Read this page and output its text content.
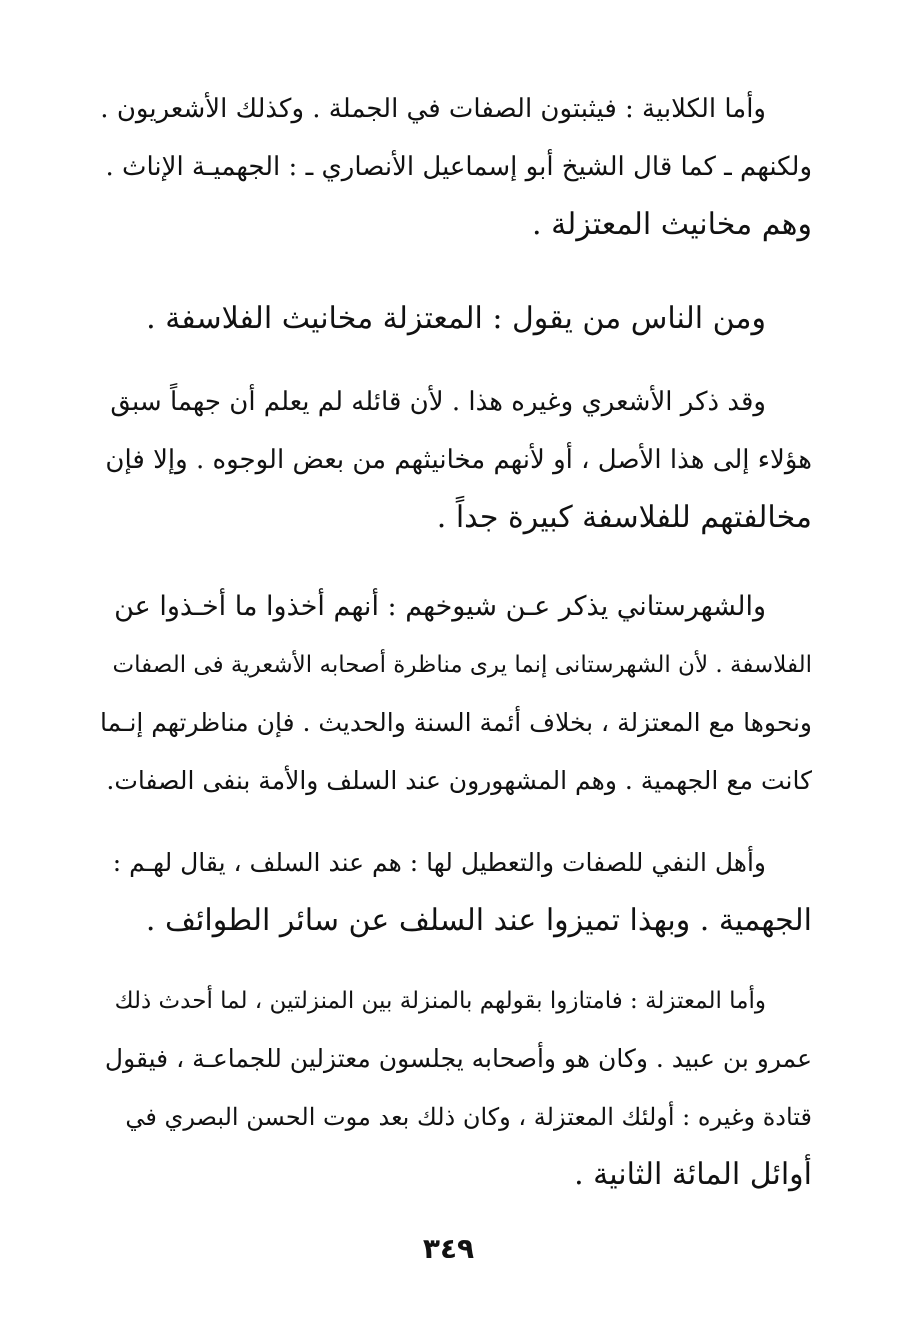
وأما الكلابية : فيثبتون الصفات في الجملة . وكذلك الأشعريون .
ولكنهم ـ كما قال الشيخ أبو إسماعيل الأنصاري ـ : الجهميـة الإناث .
وهم مخانيث المعتزلة .
ومن الناس من يقول : المعتزلة مخانيث الفلاسفة .
وقد ذكر الأشعري وغيره هذا . لأن قائله لم يعلم أن جهماً سبق
هؤلاء إلى هذا الأصل ، أو لأنهم مخانيثهم من بعض الوجوه . وإلا فإن
مخالفتهم للفلاسفة كبيرة جداً .
والشهرستاني يذكر عـن شيوخهم : أنهم أخذوا ما أخـذوا عن
الفلاسفة . لأن الشهرستانى إنما يرى مناظرة أصحابه الأشعرية فى الصفات
ونحوها مع المعتزلة ، بخلاف أئمة السنة والحديث . فإن مناظرتهم إنـما
كانت مع الجهمية . وهم المشهورون عند السلف والأمة بنفى الصفات.
وأهل النفي للصفات والتعطيل لها : هم عند السلف ، يقال لهـم :
الجهمية . وبهذا تميزوا عند السلف عن سائر الطوائف .
وأما المعتزلة : فامتازوا بقولهم بالمنزلة بين المنزلتين ، لما أحدث ذلك
عمرو بن عبيد . وكان هو وأصحابه يجلسون معتزلين للجماعـة ، فيقول
قتادة وغيره : أولئك المعتزلة ، وكان ذلك بعد موت الحسن البصري في
أوائل المائة الثانية .
٣٤٩
